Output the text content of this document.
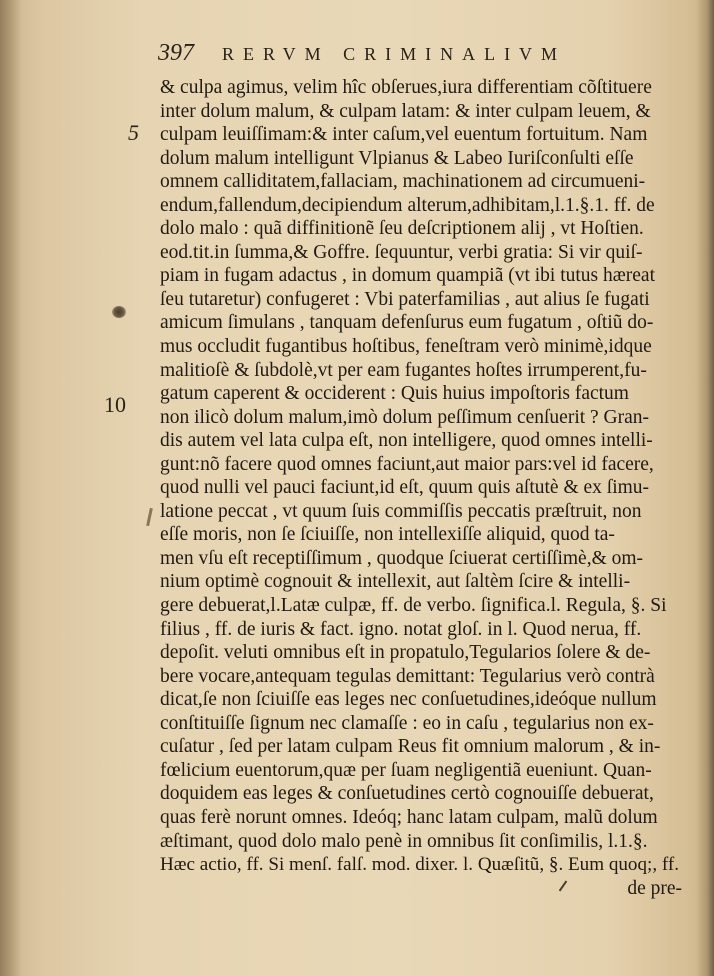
397 RERVM CRIMINALIVM
5
10
& culpa agimus, velim hîc obſerues,iura differentiam cõſtituere
inter dolum malum, & culpam latam: & inter culpam leuem, &
culpam leuiſſimam:& inter caſum,vel euentum fortuitum. Nam
dolum malum intelligunt Vlpianus & Labeo Iuriſconſulti eſſe
omnem calliditatem,fallaciam, machinationem ad circumueni-
endum,fallendum,decipiendum alterum,adhibitam,l.1.§.1. ff. de
dolo malo : quã diffinitionẽ ſeu deſcriptionem alij , vt Hoſtien.
eod.tit.in ſumma,& Goffre. ſequuntur, verbi gratia: Si vir quiſ-
piam in fugam adactus , in domum quampiã (vt ibi tutus hæreat
ſeu tutaretur) confugeret : Vbi paterfamilias , aut alius ſe fugati
amicum ſimulans , tanquam defenſurus eum fugatum , oſtiũ do-
mus occludit fugantibus hoſtibus, feneſtram verò minimè,idque
malitioſè & ſubdolè,vt per eam fugantes hoſtes irrumperent,fu-
gatum caperent & occiderent : Quis huius impoſtoris factum
non ilicò dolum malum,imò dolum peſſimum cenſuerit ? Gran-
dis autem vel lata culpa eſt, non intelligere, quod omnes intelli-
gunt:nõ facere quod omnes faciunt,aut maior pars:vel id facere,
quod nulli vel pauci faciunt,id eſt, quum quis aſtutè & ex ſimu-
latione peccat , vt quum ſuis commiſſis peccatis præſtruit, non
eſſe moris, non ſe ſciuiſſe, non intellexiſſe aliquid, quod ta-
men vſu eſt receptiſſimum , quodque ſciuerat certiſſimè,& om-
nium optimè cognouit & intellexit, aut ſaltèm ſcire & intelli-
gere debuerat,l.Latæ culpæ, ff. de verbo. ſignifica.l. Regula, §. Si
filius , ff. de iuris & fact. igno. notat gloſ. in l. Quod nerua, ff.
depoſit. veluti omnibus eſt in propatulo,Tegularios ſolere & de-
bere vocare,antequam tegulas demittant: Tegularius verò contrà
dicat,ſe non ſciuiſſe eas leges nec conſuetudines,ideóque nullum
conſtituiſſe ſignum nec clamaſſe : eo in caſu , tegularius non ex-
cuſatur , ſed per latam culpam Reus fit omnium malorum , & in-
fœlicium euentorum,quæ per ſuam negligentiã eueniunt. Quan-
doquidem eas leges & conſuetudines certò cognouiſſe debuerat,
quas ferè norunt omnes. Ideóq; hanc latam culpam, malũ dolum
æſtimant, quod dolo malo penè in omnibus ſit conſimilis, l.1.§.
Hæc actio, ff. Si menſ. falſ. mod. dixer. l. Quæſitũ, §. Eum quoq;, ff.
de pre-
